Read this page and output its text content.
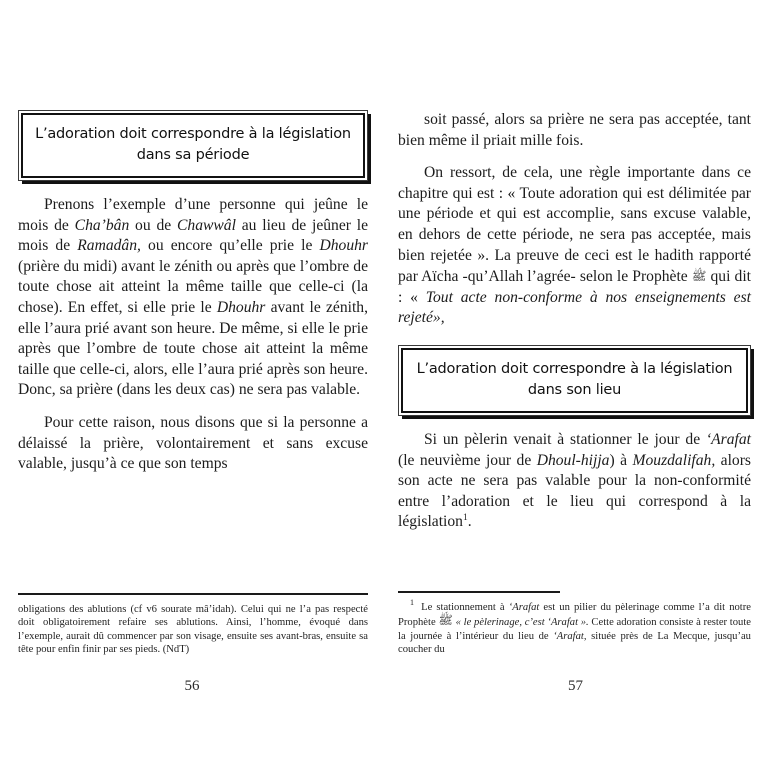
L’adoration doit correspondre à la législation
dans sa période

Prenons l’exemple d’une personne qui jeûne le mois de Cha’bân ou de Chawwâl au lieu de jeûner le mois de Ramadân, ou encore qu’elle prie le Dhouhr (prière du midi) avant le zénith ou après que l’ombre de toute chose ait atteint la même taille que celle-ci (la chose). En effet, si elle prie le Dhouhr avant le zénith, elle l’aura prié avant son heure. De même, si elle le prie après que l’ombre de toute chose ait atteint la même taille que celle-ci, alors, elle l’aura prié après son heure. Donc, sa prière (dans les deux cas) ne sera pas valable.

Pour cette raison, nous disons que si la personne a délaissé la prière, volontairement et sans excuse valable, jusqu’à ce que son temps

obligations des ablutions (cf v6 sourate mâ’idah). Celui qui ne l’a pas respecté doit obligatoirement refaire ses ablutions. Ainsi, l’homme, évoqué dans l’exemple, aurait dû commencer par son visage, ensuite ses avant-bras, ensuite sa tête pour enfin finir par ses pieds. (NdT)

56

soit passé, alors sa prière ne sera pas acceptée, tant bien même il priait mille fois.

On ressort, de cela, une règle importante dans ce chapitre qui est : « Toute adoration qui est délimitée par une période et qui est accomplie, sans excuse valable, en dehors de cette période, ne sera pas acceptée, mais bien rejetée ». La preuve de ceci est le hadith rapporté par Aïcha -qu’Allah l’agrée- selon le Prophète ﷺ qui dit : « Tout acte non-conforme à nos enseignements est rejeté»,

L’adoration doit correspondre à la législation
dans son lieu

Si un pèlerin venait à stationner le jour de ‘Arafat (le neuvième jour de Dhoul-hijja) à Mouzdalifah, alors son acte ne sera pas valable pour la non-conformité entre l’adoration et le lieu qui correspond à la législation$^1$.

$^1$ Le stationnement à ‘Arafat est un pilier du pèlerinage comme l’a dit notre Prophète ﷺ « le pèlerinage, c’est ‘Arafat ». Cette adoration consiste à rester toute la journée à l’intérieur du lieu de ‘Arafat, située près de La Mecque, jusqu’au coucher du

57
